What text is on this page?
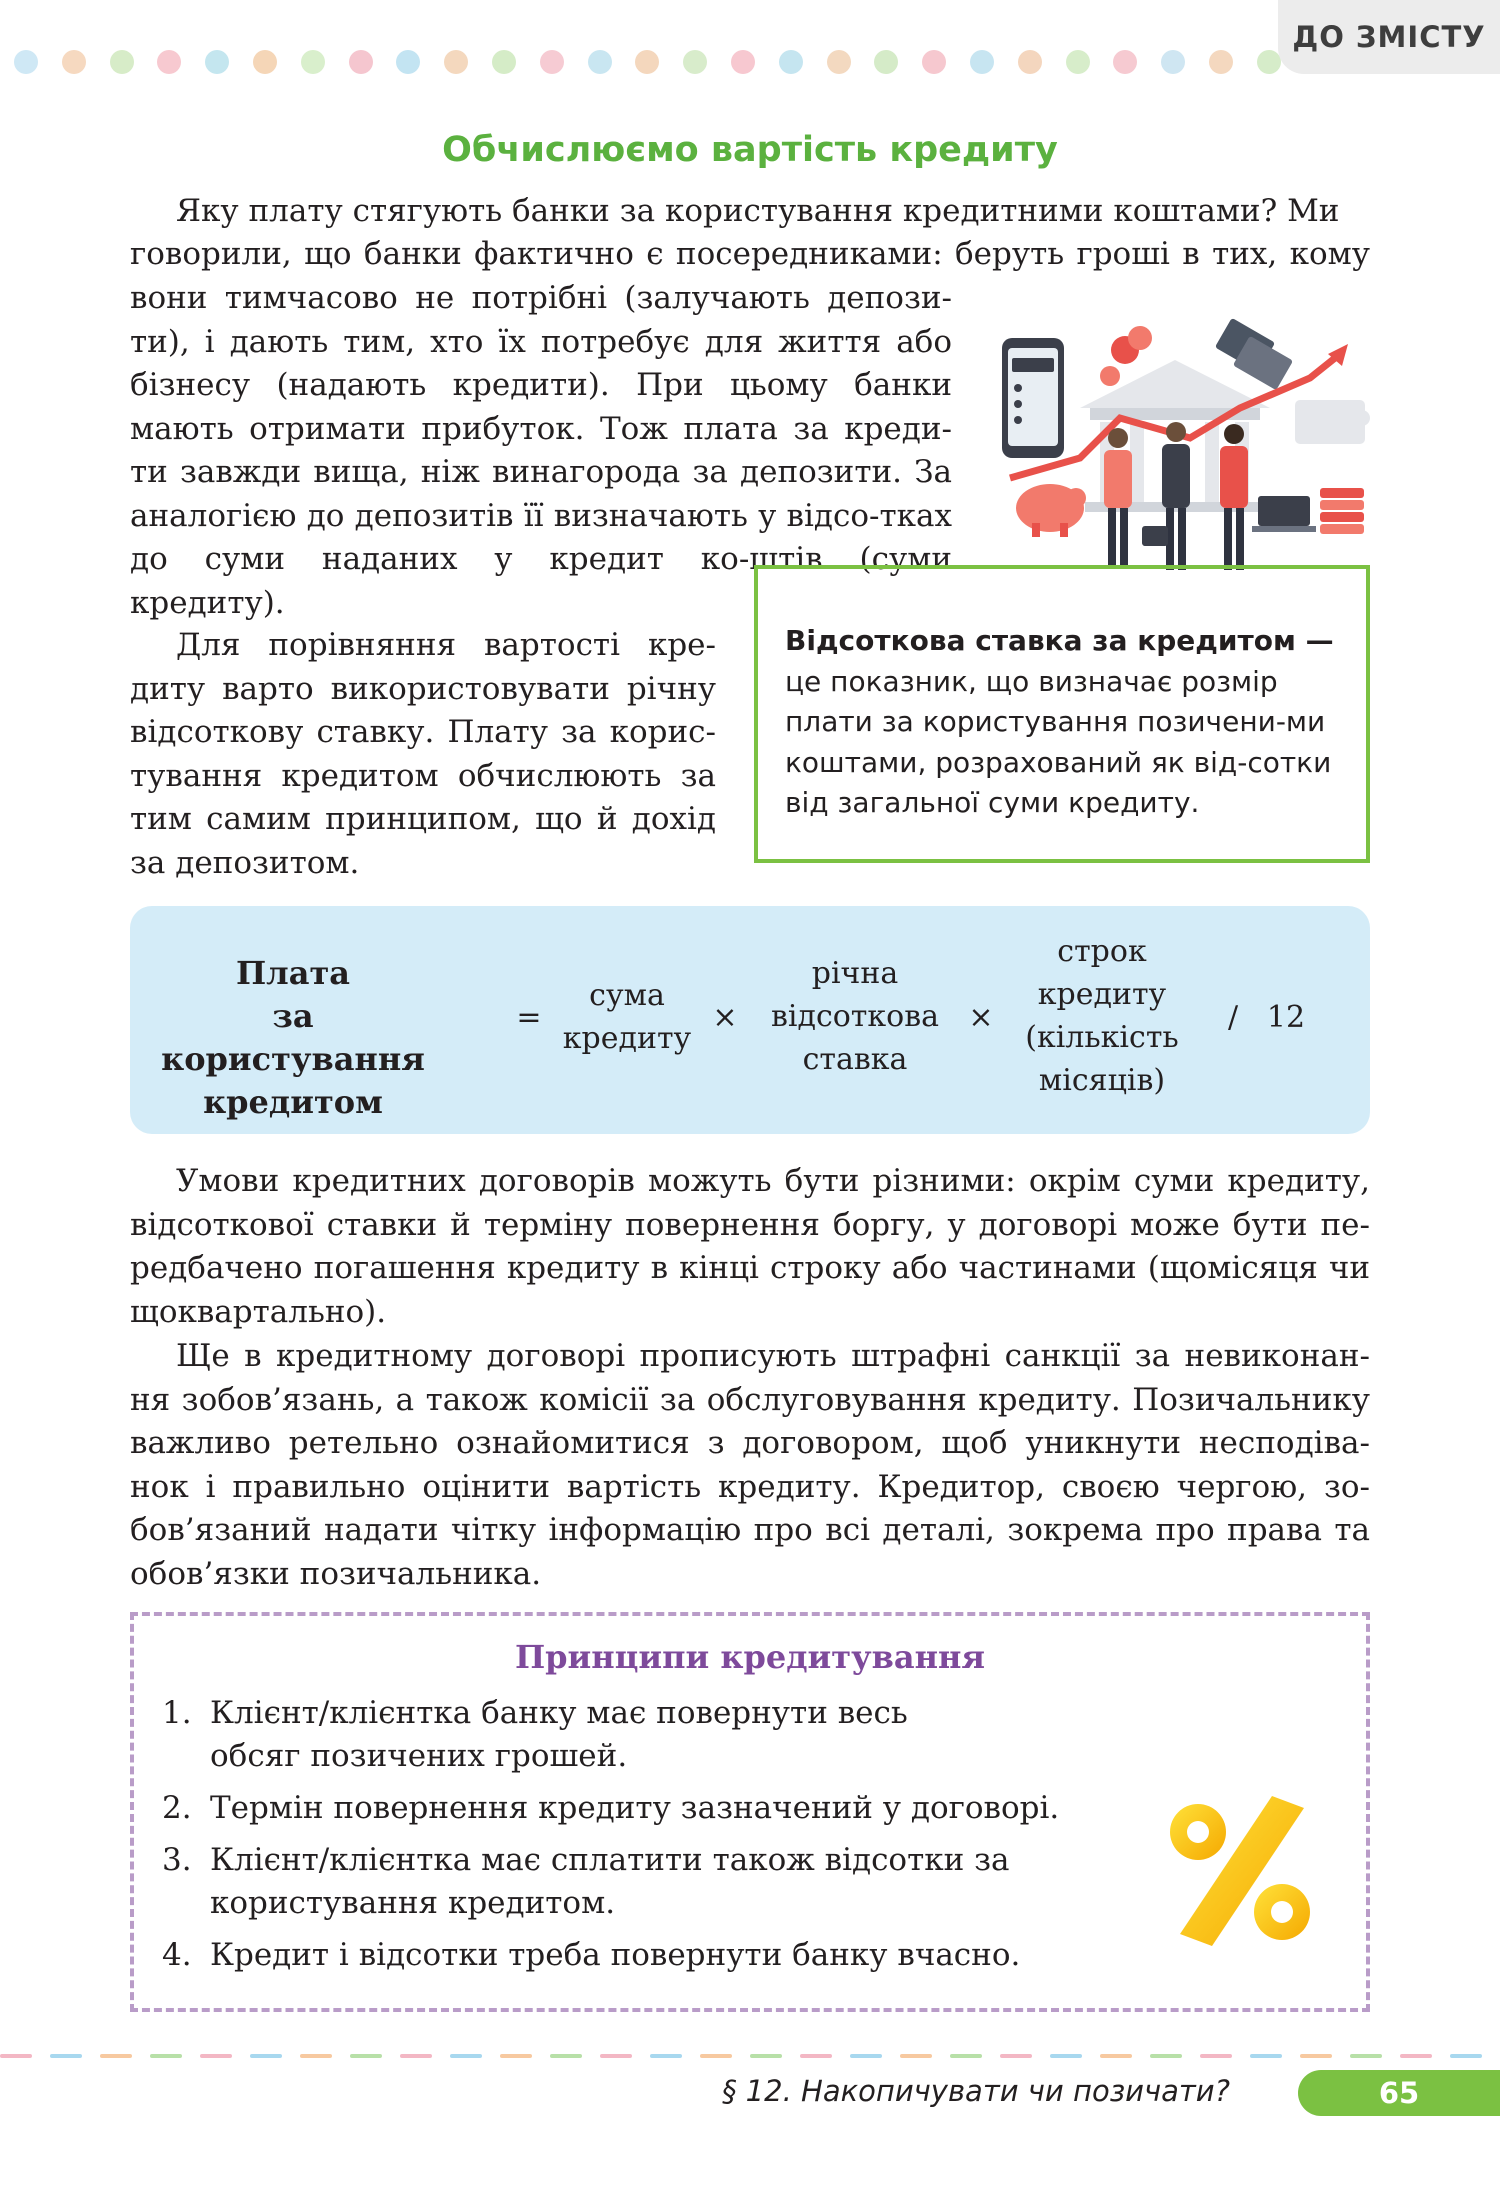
ДО ЗМІСТУ
Обчислюємо вартість кредиту

Яку плату стягують банки за користування кредитними коштами? Ми

говорили, що банки фактично є посередниками: беруть гроші в тих, кому

вони тимчасово не потрібні (залучають депози-ти), і дають тим, хто їх потребує для життя або бізнесу (надають кредити). При цьому банки мають отримати прибуток. Тож плата за креди-ти завжди вища, ніж винагорода за депозити. За аналогією до депозитів її визначають у відсо-тках до суми наданих у кредит ко-штів (суми кредиту).

Для порівняння вартості кре-диту варто використовувати річну відсоткову ставку. Плату за корис-тування кредитом обчислюють за тим самим принципом, що й дохід за депозитом.

Відсоткова ставка за кредитом — це показник, що визначає розмір плати за користування позичени-ми коштами, розрахований як від-сотки від загальної суми кредиту.
Плата
за користування
кредитом
=
сума
кредиту
×
річна
відсоткова
ставка
×
строк
кредиту
(кількість
місяців)
/ 12

Умови кредитних договорів можуть бути різними: окрім суми кредиту, відсоткової ставки й терміну повернення боргу, у договорі може бути пе-редбачено погашення кредиту в кінці строку або частинами (щомісяця чи щоквартально).

Ще в кредитному договорі прописують штрафні санкції за невиконан-ня зобов’язань, а також комісії за обслуговування кредиту. Позичальнику важливо ретельно ознайомитися з договором, щоб уникнути несподіва-нок і правильно оцінити вартість кредиту. Кредитор, своєю чергою, зо-бов’язаний надати чітку інформацію про всі деталі, зокрема про права та обов’язки позичальника.

Принципи кредитування
1. Клієнт/клієнтка банку має повернути весь обсяг позичених грошей.
2. Термін повернення кредиту зазначений у договорі.
3. Клієнт/клієнтка має сплатити також відсотки за користування кредитом.
4. Кредит і відсотки треба повернути банку вчасно.
§ 12. Накопичувати чи позичати?	65
